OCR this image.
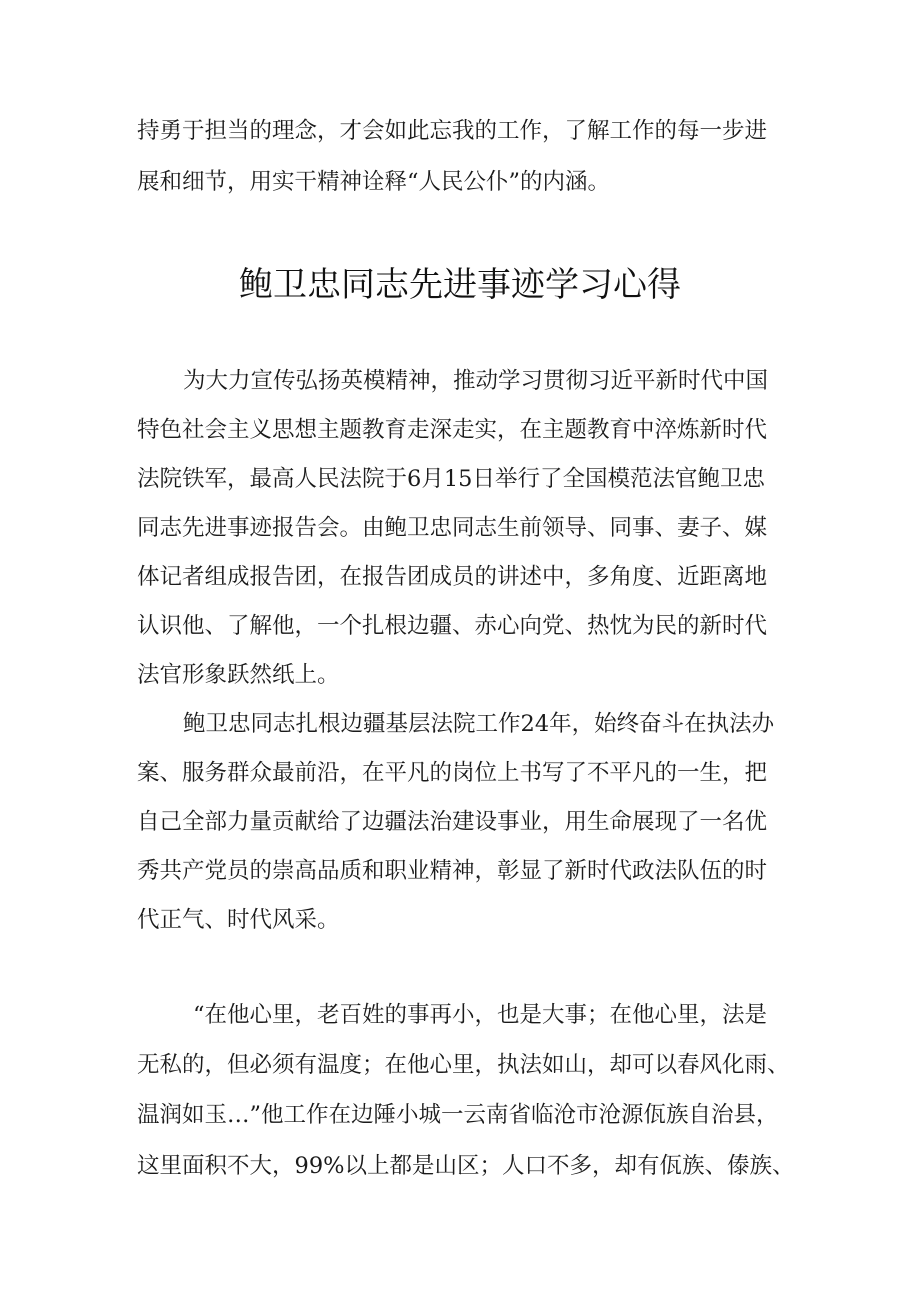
持勇于担当的理念，才会如此忘我的工作，了解工作的每一步进
展和细节，用实干精神诠释“人民公仆”的内涵。
鲍卫忠同志先进事迹学习心得
为大力宣传弘扬英模精神，推动学习贯彻习近平新时代中国
特色社会主义思想主题教育走深走实，在主题教育中淬炼新时代
法院铁军，最高人民法院于6月15日举行了全国模范法官鲍卫忠
同志先进事迹报告会。由鲍卫忠同志生前领导、同事、妻子、媒
体记者组成报告团，在报告团成员的讲述中，多角度、近距离地
认识他、了解他，一个扎根边疆、赤心向党、热忱为民的新时代
法官形象跃然纸上。
鲍卫忠同志扎根边疆基层法院工作24年，始终奋斗在执法办
案、服务群众最前沿，在平凡的岗位上书写了不平凡的一生，把
自己全部力量贡献给了边疆法治建设事业，用生命展现了一名优
秀共产党员的崇高品质和职业精神，彰显了新时代政法队伍的时
代正气、时代风采。
“在他心里，老百姓的事再小，也是大事；在他心里，法是
无私的，但必须有温度；在他心里，执法如山，却可以春风化雨、
温润如玉…”他工作在边陲小城一云南省临沧市沧源佤族自治县，
这里面积不大，99%以上都是山区；人口不多，却有佤族、傣族、
